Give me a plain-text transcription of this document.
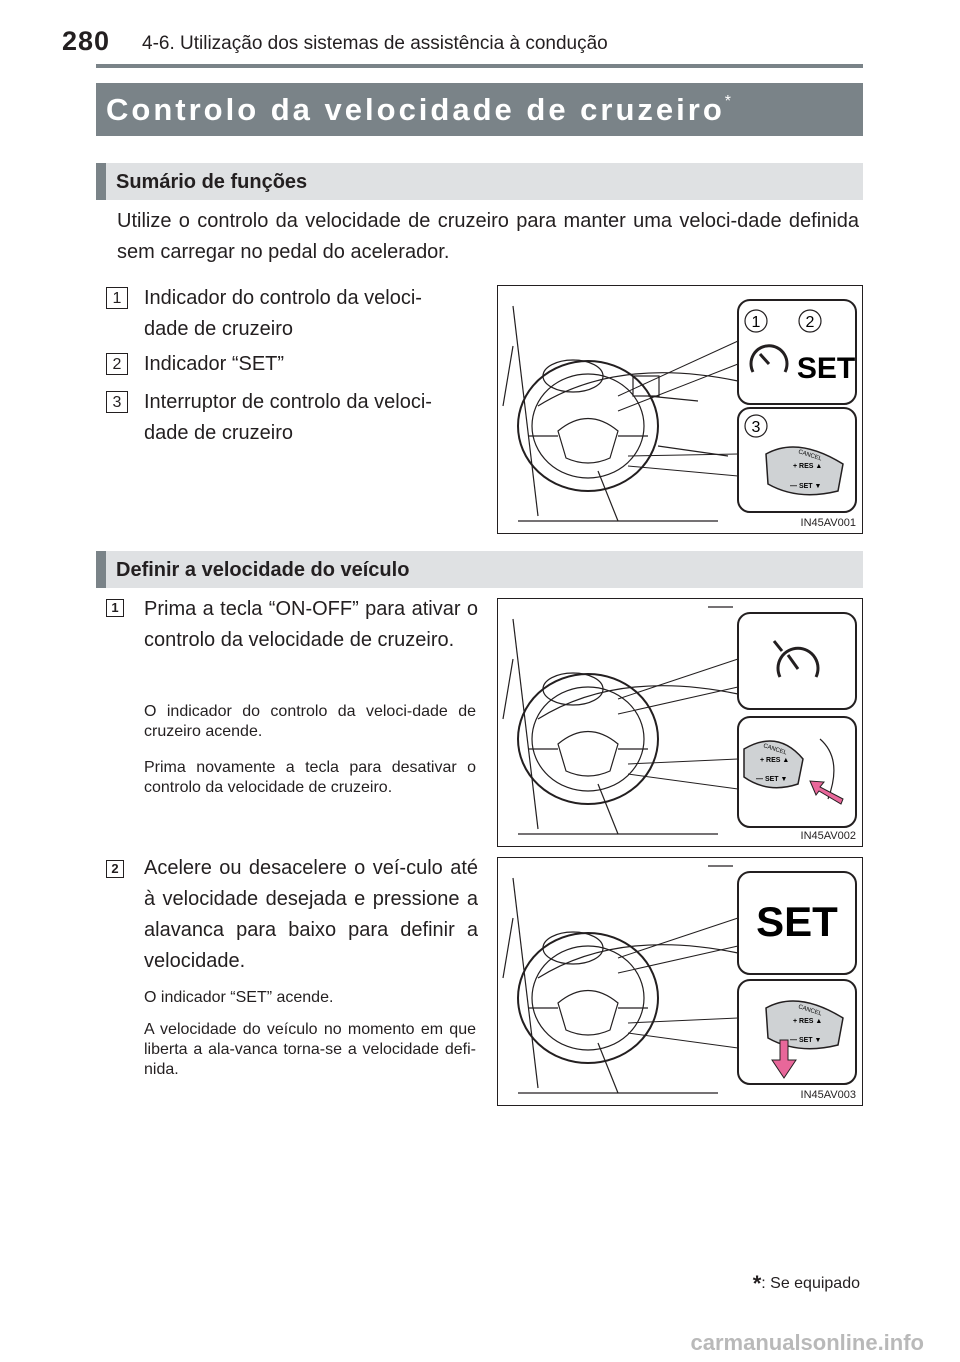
280 4-6. Utilização dos sistemas de assistência à condução
Controlo da velocidade de cruzeiro*
Sumário de funções
Utilize o controlo da velocidade de cruzeiro para manter uma veloci-dade definida sem carregar no pedal do acelerador.
1	Indicador do controlo da veloci-
dade de cruzeiro
2	Indicador “SET”
3	Interruptor de controlo da veloci-
dade de cruzeiro
1	2
SET
3
CANCEL
+ RES ▲
— SET ▼
IN45AV001
Definir a velocidade do veículo
1 Prima a tecla “ON-OFF” para ativar o controlo da velocidade de cruzeiro.
O indicador do controlo da veloci-dade de cruzeiro acende.
Prima novamente a tecla para desativar o controlo da velocidade de cruzeiro.
CANCEL
+ RES ▲
— SET ▼
IN45AV002
2 Acelere ou desacelere o veí-culo até à velocidade desejada e pressione a alavanca para baixo para definir a velocidade.
O indicador “SET” acende.
A velocidade do veículo no momento em que liberta a ala-vanca torna-se a velocidade defi-nida.
SET
CANCEL
+ RES ▲
— SET ▼
IN45AV003
*: Se equipado
carmanualsonline.info
